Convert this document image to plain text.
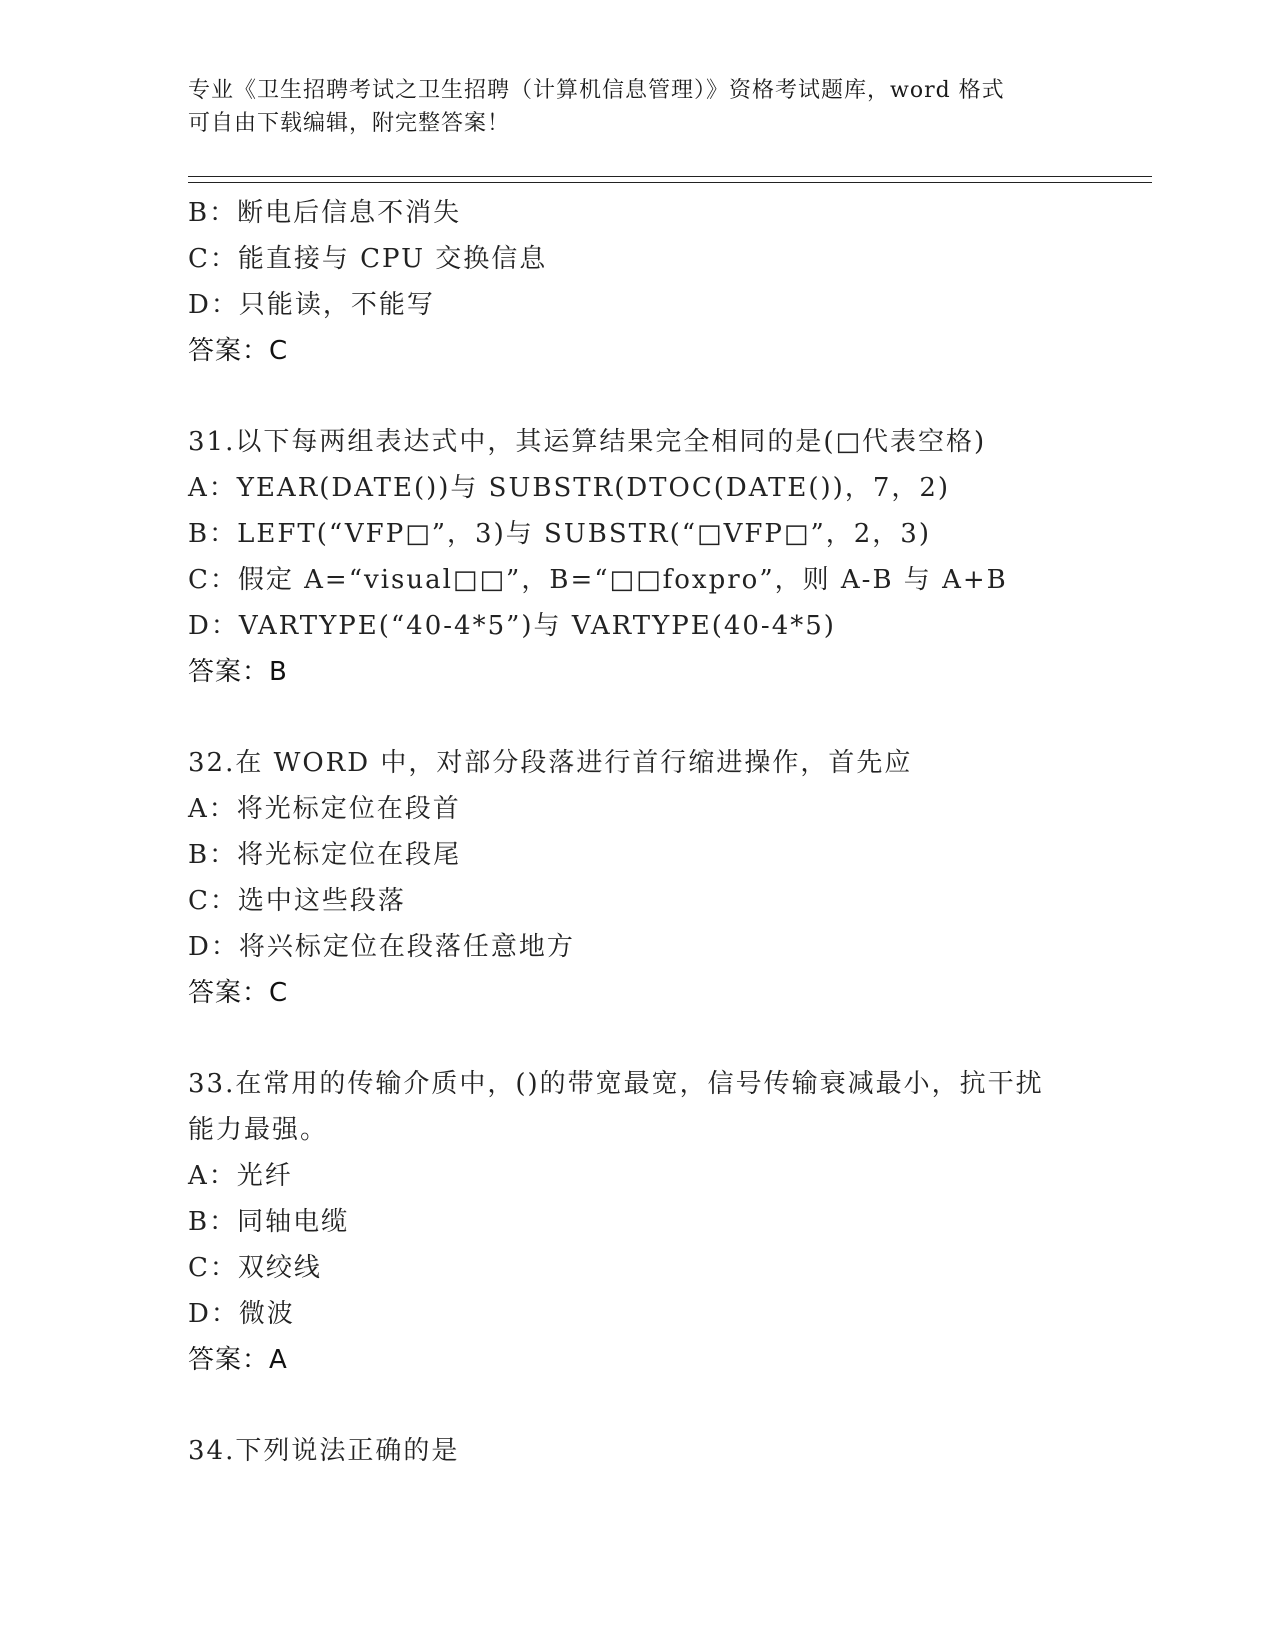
专业《卫生招聘考试之卫生招聘（计算机信息管理）》资格考试题库，word 格式
可自由下载编辑，附完整答案！
B：断电后信息不消失
C：能直接与 CPU 交换信息
D：只能读，不能写
答案：C
31.以下每两组表达式中，其运算结果完全相同的是(□代表空格)
A：YEAR(DATE())与 SUBSTR(DTOC(DATE())，7，2)
B：LEFT(“VFP□”，3)与 SUBSTR(“□VFP□”，2，3)
C：假定 A=“visual□□”，B=“□□foxpro”，则 A-B 与 A+B
D：VARTYPE(“40-4*5”)与 VARTYPE(40-4*5)
答案：B
32.在 WORD 中，对部分段落进行首行缩进操作，首先应
A：将光标定位在段首
B：将光标定位在段尾
C：选中这些段落
D：将兴标定位在段落任意地方
答案：C
33.在常用的传输介质中，()的带宽最宽，信号传输衰减最小，抗干扰
能力最强。
A：光纤
B：同轴电缆
C：双绞线
D：微波
答案：A
34.下列说法正确的是
